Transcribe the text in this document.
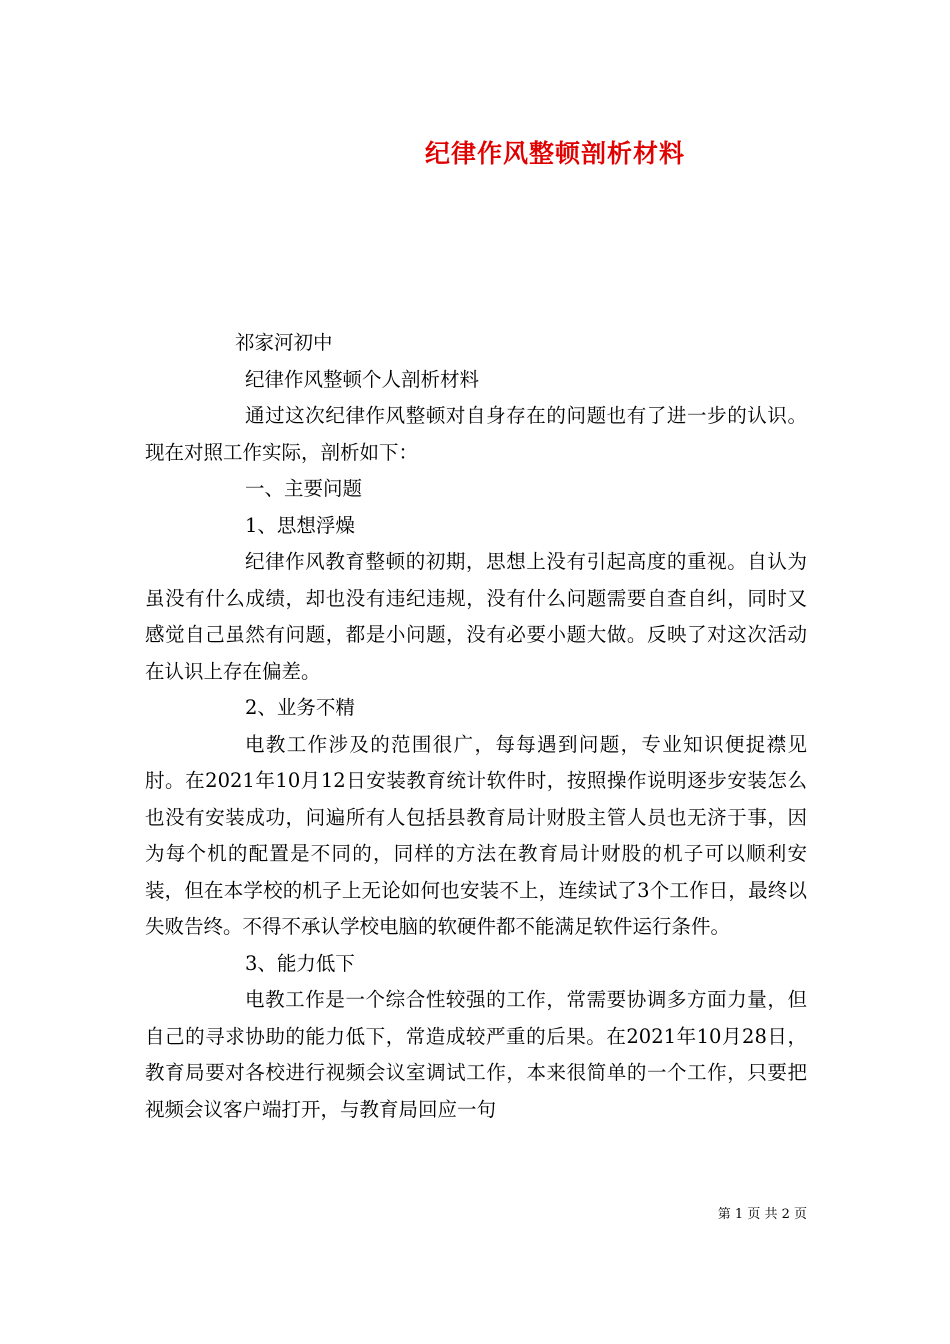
纪律作风整顿剖析材料

祁家河初中

纪律作风整顿个人剖析材料

通过这次纪律作风整顿对自身存在的问题也有了进一步的认识。现在对照工作实际，剖析如下：

一、主要问题

1、思想浮燥

纪律作风教育整顿的初期，思想上没有引起高度的重视。自认为虽没有什么成绩，却也没有违纪违规，没有什么问题需要自查自纠，同时又感觉自己虽然有问题，都是小问题，没有必要小题大做。反映了对这次活动在认识上存在偏差。

2、业务不精

电教工作涉及的范围很广，每每遇到问题，专业知识便捉襟见肘。在2021年10月12日安装教育统计软件时，按照操作说明逐步安装怎么也没有安装成功，问遍所有人包括县教育局计财股主管人员也无济于事，因为每个机的配置是不同的，同样的方法在教育局计财股的机子可以顺利安装，但在本学校的机子上无论如何也安装不上，连续试了3个工作日，最终以失败告终。不得不承认学校电脑的软硬件都不能满足软件运行条件。

3、能力低下

电教工作是一个综合性较强的工作，常需要协调多方面力量，但自己的寻求协助的能力低下，常造成较严重的后果。在2021年10月28日，教育局要对各校进行视频会议室调试工作，本来很简单的一个工作，只要把视频会议客户端打开，与教育局回应一句

第 1 页 共 2 页
